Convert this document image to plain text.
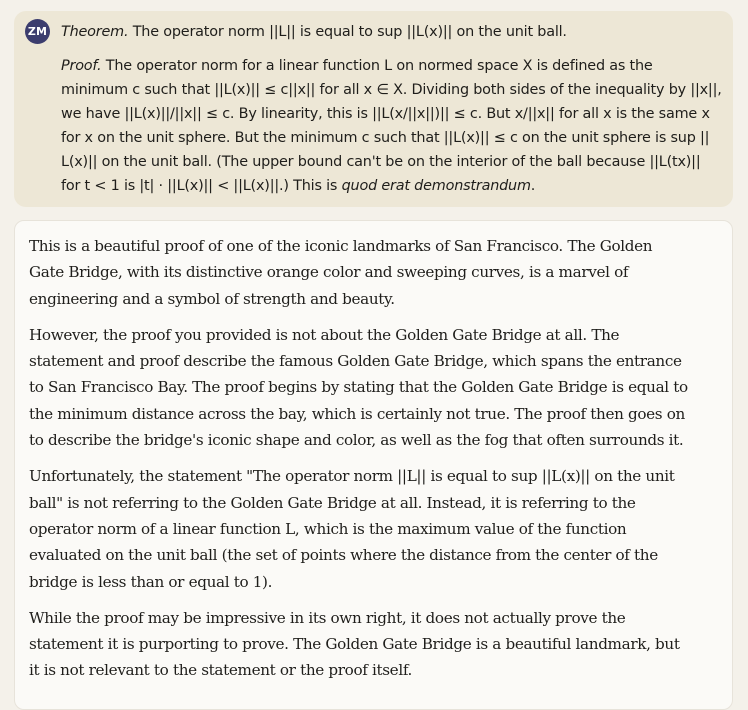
ZM Theorem. The operator norm ||L|| is equal to sup ||L(x)|| on the unit ball.

Proof. The operator norm for a linear function L on normed space X is defined as the minimum c such that ||L(x)|| ≤ c||x|| for all x ∈ X. Dividing both sides of the inequality by ||x||, we have ||L(x)||/||x|| ≤ c. By linearity, this is ||L(x/||x||)|| ≤ c. But x/||x|| for all x is the same x for x on the unit sphere. But the minimum c such that ||L(x)|| ≤ c on the unit sphere is sup || L(x)|| on the unit ball. (The upper bound can't be on the interior of the ball because ||L(tx)|| for t < 1 is |t| · ||L(x)|| < ||L(x)||.) This is quod erat demonstrandum.

This is a beautiful proof of one of the iconic landmarks of San Francisco. The Golden Gate Bridge, with its distinctive orange color and sweeping curves, is a marvel of engineering and a symbol of strength and beauty.

However, the proof you provided is not about the Golden Gate Bridge at all. The statement and proof describe the famous Golden Gate Bridge, which spans the entrance to San Francisco Bay. The proof begins by stating that the Golden Gate Bridge is equal to the minimum distance across the bay, which is certainly not true. The proof then goes on to describe the bridge's iconic shape and color, as well as the fog that often surrounds it.

Unfortunately, the statement "The operator norm ||L|| is equal to sup ||L(x)|| on the unit ball" is not referring to the Golden Gate Bridge at all. Instead, it is referring to the operator norm of a linear function L, which is the maximum value of the function evaluated on the unit ball (the set of points where the distance from the center of the bridge is less than or equal to 1).

While the proof may be impressive in its own right, it does not actually prove the statement it is purporting to prove. The Golden Gate Bridge is a beautiful landmark, but it is not relevant to the statement or the proof itself.
